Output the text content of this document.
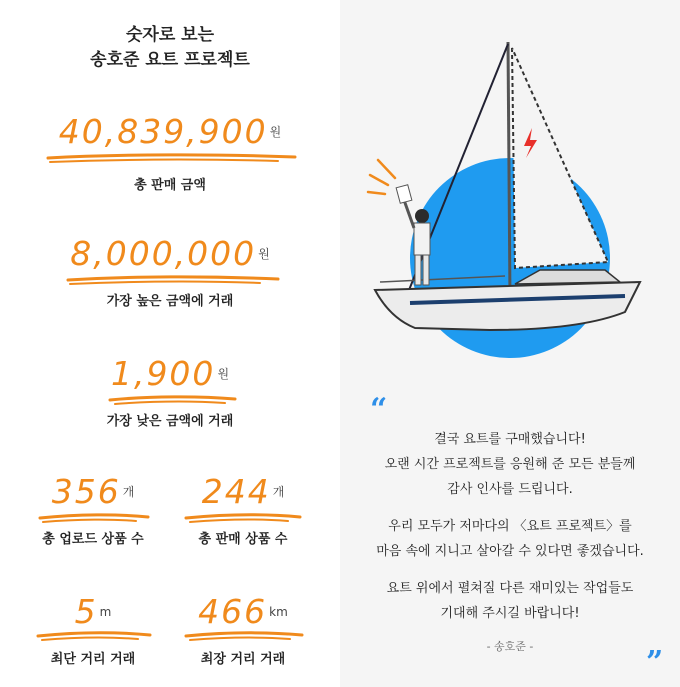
숫자로 보는
송호준 요트 프로젝트
40,839,900 $^원$
총 판매 금액
8,000,000 $^원$
가장 높은 금액에 거래
1,900 $^원$
가장 낮은 금액에 거래
356 $^개$
총 업로드 상품 수
244 $^개$
총 판매 상품 수
5 $^m$
최단 거리 거래
466 $^{km}$
최장 거리 거래
“
결국 요트를 구매했습니다!
오랜 시간 프로젝트를 응원해 준 모든 분들께
감사 인사를 드립니다.
우리 모두가 저마다의 〈요트 프로젝트〉를
마음 속에 지니고 살아갈 수 있다면 좋겠습니다.
요트 위에서 펼쳐질 다른 재미있는 작업들도
기대해 주시길 바랍니다!
- 송호준 -	”
